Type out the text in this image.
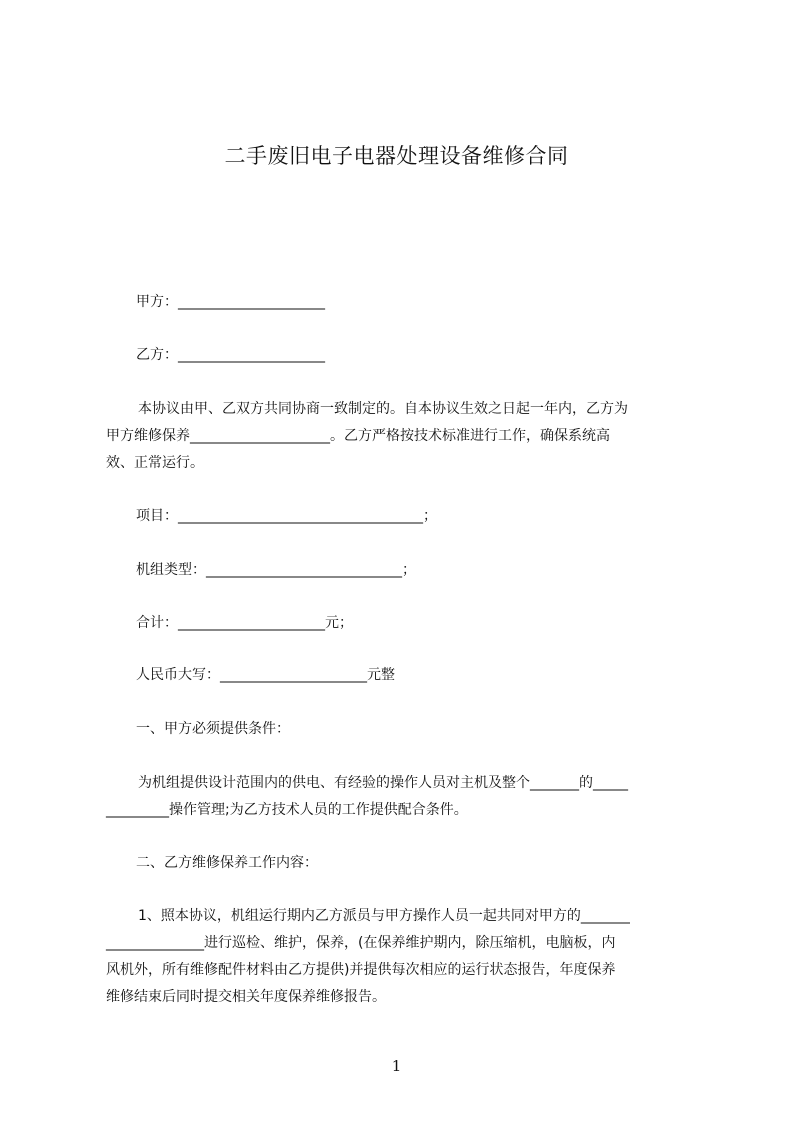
二手废旧电子电器处理设备维修合同
甲方：_____________________
乙方：_____________________
本协议由甲、乙双方共同协商一致制定的。自本协议生效之日起一年内，乙方为
甲方维修保养____________________。乙方严格按技术标准进行工作，确保系统高
效、正常运行。
项目：___________________________________；
机组类型：____________________________；
合计：_____________________元；
人民币大写：_____________________元整
一、甲方必须提供条件：
为机组提供设计范围内的供电、有经验的操作人员对主机及整个_______的_____
_________操作管理;为乙方技术人员的工作提供配合条件。
二、乙方维修保养工作内容：
1、照本协议，机组运行期内乙方派员与甲方操作人员一起共同对甲方的_______
______________进行巡检、维护，保养，(在保养维护期内，除压缩机，电脑板，内
风机外，所有维修配件材料由乙方提供)并提供每次相应的运行状态报告，年度保养
维修结束后同时提交相关年度保养维修报告。
1
